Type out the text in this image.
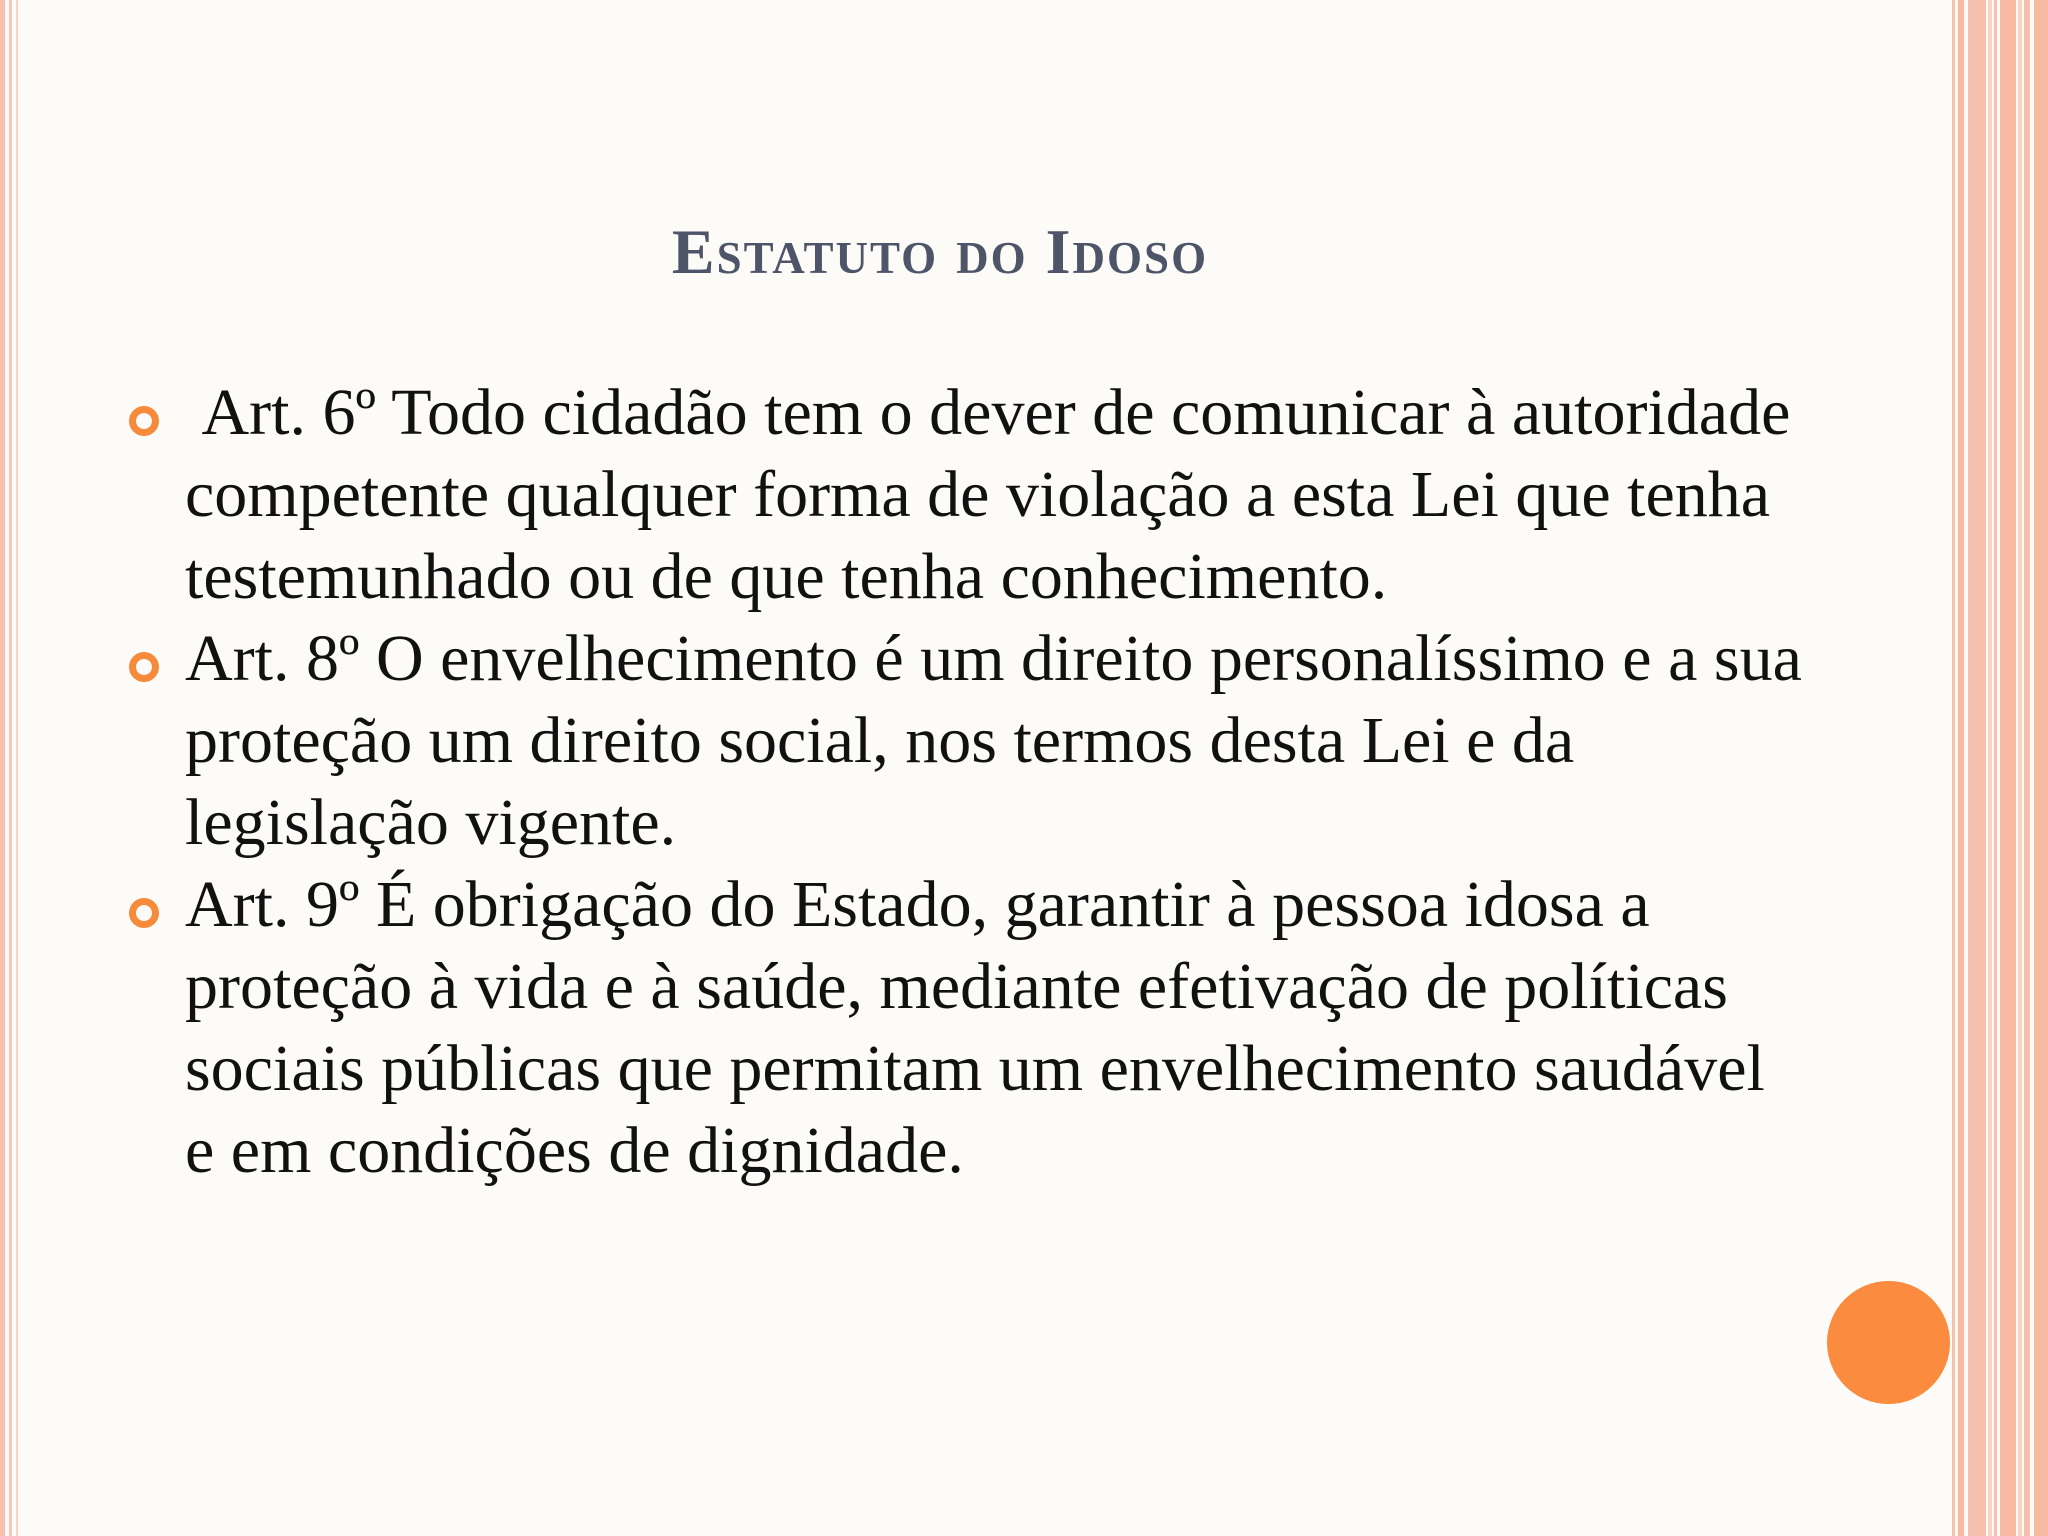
Estatuto do Idoso
Art. 6º Todo cidadão tem o dever de comunicar à autoridade competente qualquer forma de violação a esta Lei que tenha testemunhado ou de que tenha conhecimento.
Art. 8º O envelhecimento é um direito personalíssimo e a sua proteção um direito social, nos termos desta Lei e da legislação vigente.
Art. 9º É obrigação do Estado, garantir à pessoa idosa a proteção à vida e à saúde, mediante efetivação de políticas sociais públicas que permitam um envelhecimento saudável e em condições de dignidade.
